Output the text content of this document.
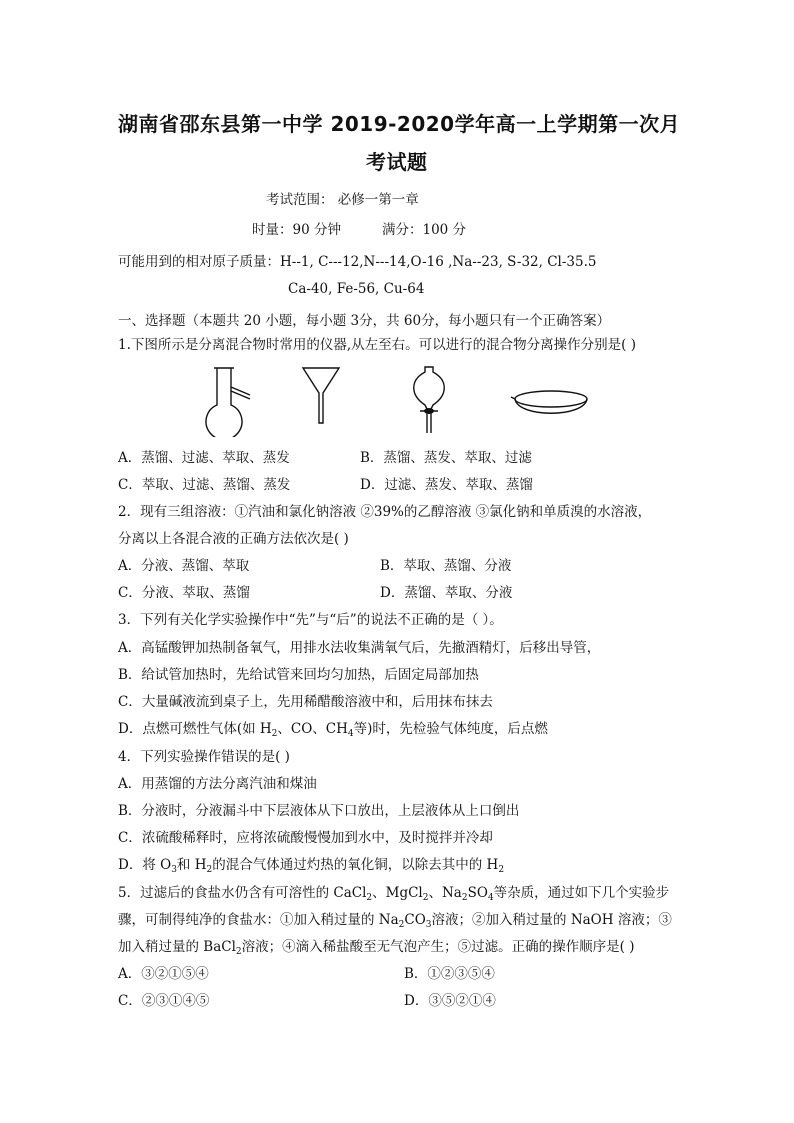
湖南省邵东县第一中学 2019-2020学年高一上学期第一次月
考试题
考试范围： 必修一第一章
时量：90 分钟	满分：100 分
可能用到的相对原子质量：H--1, C---12,N---14,O-16 ,Na--23, S-32, Cl-35.5
Ca-40, Fe-56, Cu-64
一、选择题（本题共 20 小题，每小题 3分，共 60分，每小题只有一个正确答案）
1.下图所示是分离混合物时常用的仪器,从左至右。可以进行的混合物分离操作分别是( )
A．蒸馏、过滤、萃取、蒸发	B．蒸馏、蒸发、萃取、过滤
C．萃取、过滤、蒸馏、蒸发	D．过滤、蒸发、萃取、蒸馏
2．现有三组溶液：①汽油和氯化钠溶液 ②39%的乙醇溶液 ③氯化钠和单质溴的水溶液，
分离以上各混合液的正确方法依次是( )
A．分液、蒸馏、萃取	B．萃取、蒸馏、分液
C．分液、萃取、蒸馏	D．蒸馏、萃取、分液
3．下列有关化学实验操作中“先”与“后”的说法不正确的是（ ）。
A．高锰酸钾加热制备氧气，用排水法收集满氧气后，先撤酒精灯，后移出导管，
B．给试管加热时，先给试管来回均匀加热，后固定局部加热
C．大量碱液流到桌子上，先用稀醋酸溶液中和，后用抹布抹去
D．点燃可燃性气体(如 $H_2$、CO、$CH_4$等)时，先检验气体纯度，后点燃
4．下列实验操作错误的是( )
A．用蒸馏的方法分离汽油和煤油
B．分液时，分液漏斗中下层液体从下口放出，上层液体从上口倒出
C．浓硫酸稀释时，应将浓硫酸慢慢加到水中，及时搅拌并冷却
D．将 $O_3$和 $H_2$的混合气体通过灼热的氧化铜，以除去其中的 $H_2$
5．过滤后的食盐水仍含有可溶性的 CaCl$_2$、MgCl$_2$、$Na_2SO_4$等杂质，通过如下几个实验步
骤，可制得纯净的食盐水：①加入稍过量的 $Na_2CO_3$溶液；②加入稍过量的 NaOH 溶液；③
加入稍过量的 BaCl$_2$溶液；④滴入稀盐酸至无气泡产生；⑤过滤。正确的操作顺序是( )
A．③②①⑤④	B．①②③⑤④
C．②③①④⑤	D．③⑤②①④
